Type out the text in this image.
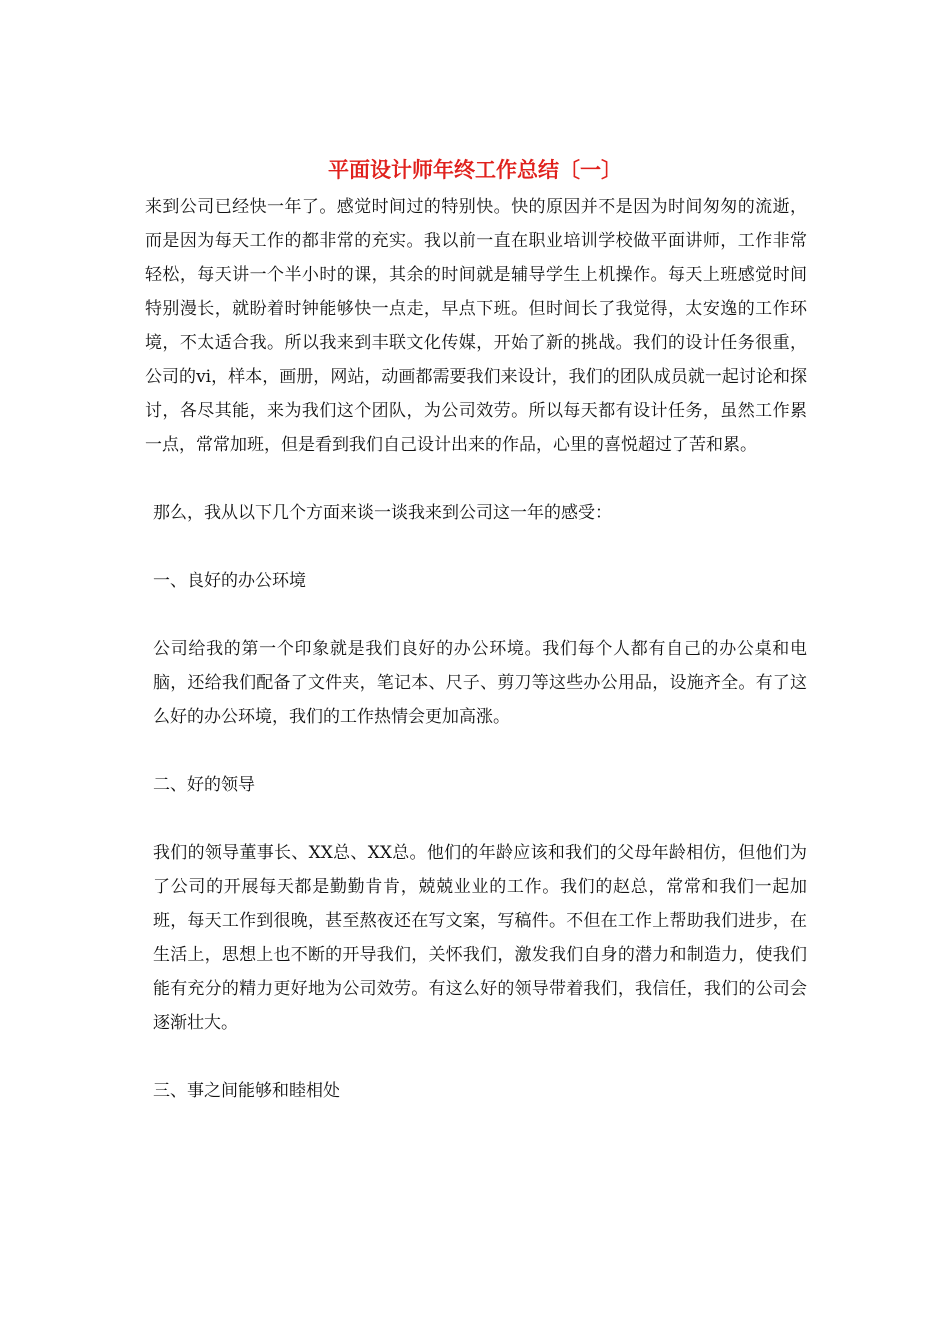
平面设计师年终工作总结〔一〕

来到公司已经快一年了。感觉时间过的特别快。快的原因并不是因为时间匆匆的流逝，而是因为每天工作的都非常的充实。我以前一直在职业培训学校做平面讲师，工作非常轻松，每天讲一个半小时的课，其余的时间就是辅导学生上机操作。每天上班感觉时间特别漫长，就盼着时钟能够快一点走，早点下班。但时间长了我觉得，太安逸的工作环境，不太适合我。所以我来到丰联文化传媒，开始了新的挑战。我们的设计任务很重，公司的vi，样本，画册，网站，动画都需要我们来设计，我们的团队成员就一起讨论和探讨，各尽其能，来为我们这个团队，为公司效劳。所以每天都有设计任务，虽然工作累一点，常常加班，但是看到我们自己设计出来的作品，心里的喜悦超过了苦和累。

那么，我从以下几个方面来谈一谈我来到公司这一年的感受：

一、良好的办公环境

公司给我的第一个印象就是我们良好的办公环境。我们每个人都有自己的办公桌和电脑，还给我们配备了文件夹，笔记本、尺子、剪刀等这些办公用品，设施齐全。有了这么好的办公环境，我们的工作热情会更加高涨。

二、好的领导

我们的领导董事长、XX总、XX总。他们的年龄应该和我们的父母年龄相仿，但他们为了公司的开展每天都是勤勤肯肯，兢兢业业的工作。我们的赵总，常常和我们一起加班，每天工作到很晚，甚至熬夜还在写文案，写稿件。不但在工作上帮助我们进步，在生活上，思想上也不断的开导我们，关怀我们，激发我们自身的潜力和制造力，使我们能有充分的精力更好地为公司效劳。有这么好的领导带着我们，我信任，我们的公司会逐渐壮大。

三、事之间能够和睦相处
